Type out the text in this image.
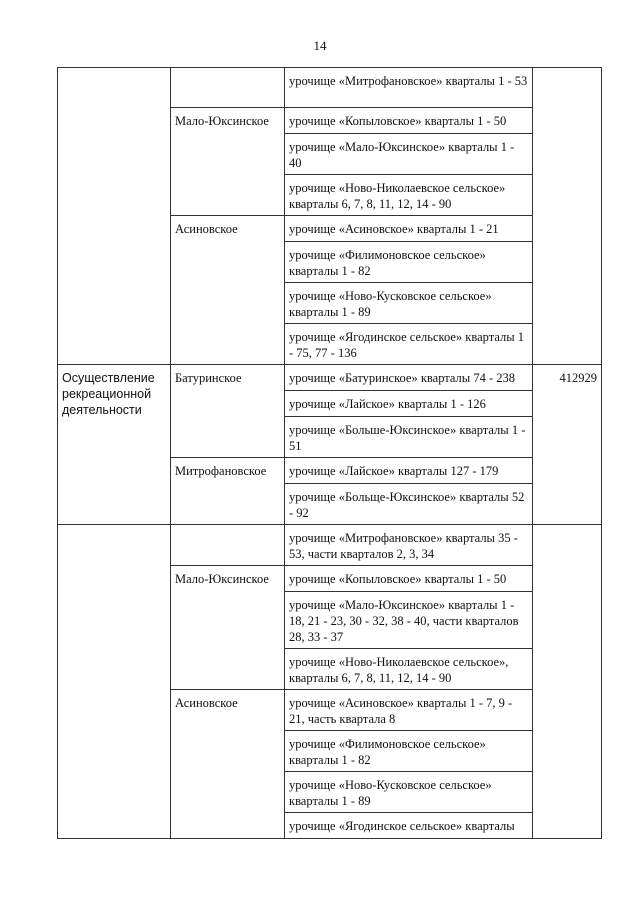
14
		урочище «Митрофановское» кварталы 1 - 53	
	Мало-Юксинское	урочище «Копыловское» кварталы 1 - 50	
		урочище «Мало-Юксинское» кварталы 1 - 40	
		урочище «Ново-Николаевское сельское» кварталы 6, 7, 8, 11, 12, 14 - 90	
	Асиновское	урочище «Асиновское» кварталы 1 - 21	
		урочище «Филимоновское сельское» кварталы 1 - 82	
		урочище «Ново-Кусковское сельское» кварталы 1 - 89	
		урочище «Ягодинское сельское» кварталы 1 - 75, 77 - 136	
Осуществление рекреационной деятельности	Батуринское	урочище «Батуринское» кварталы 74 - 238	412929
		урочище «Лайское» кварталы 1 - 126	
		урочище «Больше-Юксинское» кварталы 1 - 51	
	Митрофановское	урочище «Лайское» кварталы 127 - 179	
		урочище «Больще-Юксинское» кварталы 52 - 92	
		урочище «Митрофановское» кварталы 35 - 53, части кварталов 2, 3, 34	
	Мало-Юксинское	урочище «Копыловское» кварталы 1 - 50	
		урочище «Мало-Юксинское» кварталы 1 - 18, 21 - 23, 30 - 32, 38 - 40, части кварталов 28, 33 - 37	
		урочище «Ново-Николаевское сельское», кварталы 6, 7, 8, 11, 12, 14 - 90	
	Асиновское	урочище «Асиновское» кварталы 1 - 7, 9 - 21, часть квартала 8	
		урочище «Филимоновское сельское» кварталы 1 - 82	
		урочище «Ново-Кусковское сельское» кварталы 1 - 89	
		урочище «Ягодинское сельское» кварталы	
